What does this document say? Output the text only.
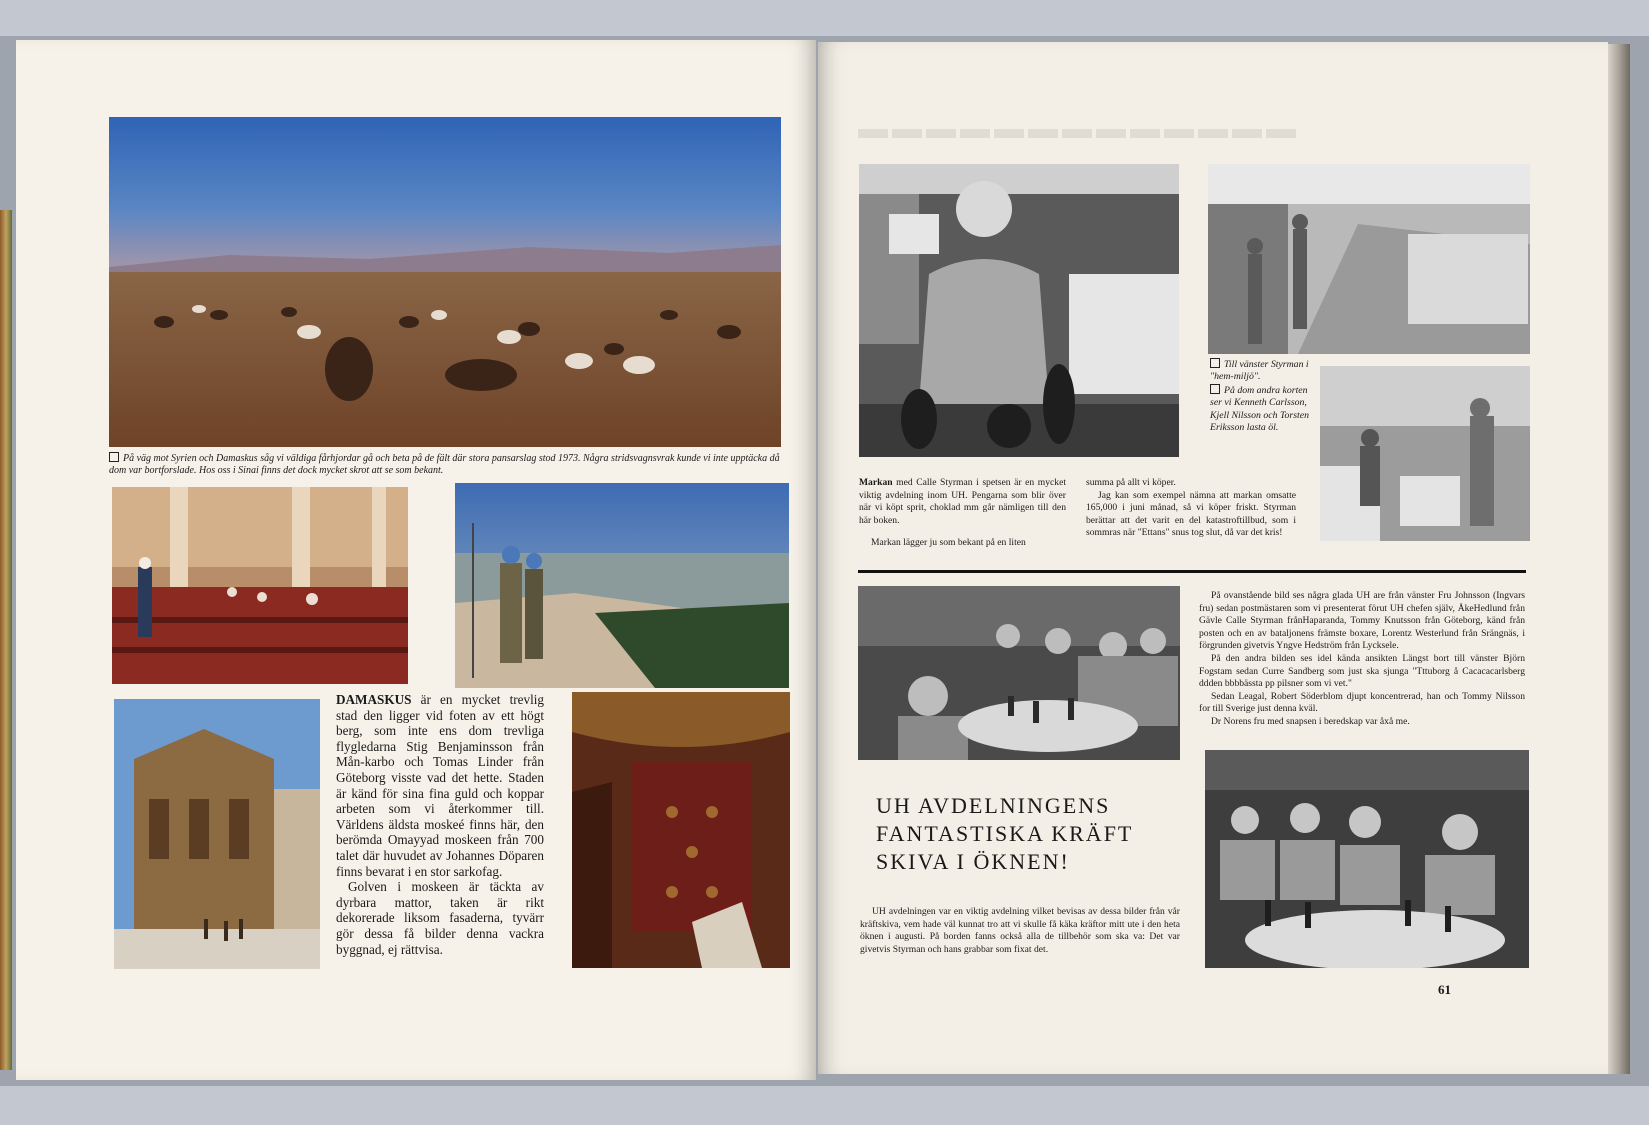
På väg mot Syrien och Damaskus såg vi väldiga fårhjordar gå och beta på de fält där stora pansarslag stod 1973. Några stridsvagnsvrak kunde vi inte upptäcka då dom var bortforslade. Hos oss i Sinai finns det dock mycket skrot att se som bekant.

DAMASKUS är en mycket trevlig stad den ligger vid foten av ett högt berg, som inte ens dom trevliga flygledarna Stig Benjaminsson från Mån-karbo och Tomas Linder från Göteborg visste vad det hette. Staden är känd för sina fina guld och koppar arbeten som vi återkommer till. Världens äldsta moskeé finns här, den berömda Omayyad moskeen från 700 talet där huvudet av Johannes Döparen finns bevarat i en stor sarkofag.

Golven i moskeen är täckta av dyrbara mattor, taken är rikt dekorerade liksom fasaderna, tyvärr gör dessa få bilder denna vackra byggnad, ej rättvisa.

▬▬▬▬▬▬▬▬▬▬▬▬▬
Till vänster Styrman i "hem-miljö".
På dom andra korten ser vi Kenneth Carlsson, Kjell Nilsson och Torsten Eriksson lasta öl.

Markan med Calle Styrman i spetsen är en mycket viktig avdelning inom UH. Pengarna som blir över när vi köpt sprit, choklad mm går nämligen till den här boken.

Markan lägger ju som bekant på en liten

summa på allt vi köper.

Jag kan som exempel nämna att markan omsatte 165,000 i juni månad, så vi köper friskt. Styrman berättar att det varit en del katastroftillbud, som i sommras när "Ettans" snus tog slut, då var det kris!

På ovanstående bild ses några glada UH are från vänster Fru Johnsson (Ingvars fru) sedan postmästaren som vi presenterat förut UH chefen själv, ÅkeHedlund från Gävle Calle Styrman frånHaparanda, Tommy Knutsson från Göteborg, känd från posten och en av bataljonens främste boxare, Lorentz Westerlund från Srängnäs, i förgrunden givetvis Yngve Hedström från Lycksele.

På den andra bilden ses idel kända ansikten Längst bort till vänster Björn Fogstam sedan Curre Sandberg som just ska sjunga "Tttuborg å Cacacacarlsberg ddden bbbbässta pp pilsner som vi vet."

Sedan Leagal, Robert Söderblom djupt koncentrerad, han och Tommy Nilsson for till Sverige just denna kväl.

Dr Norens fru med snapsen i beredskap var åxå me.

UH AVDELNINGENS
FANTASTISKA KRÄFT
SKIVA I ÖKNEN!

UH avdelningen var en viktig avdelning vilket bevisas av dessa bilder från vår kräftskiva, vem hade väl kunnat tro att vi skulle få käka kräftor mitt ute i den heta öknen i augusti. På borden fanns också alla de tillbehör som ska va: Det var givetvis Styrman och hans grabbar som fixat det.

61
